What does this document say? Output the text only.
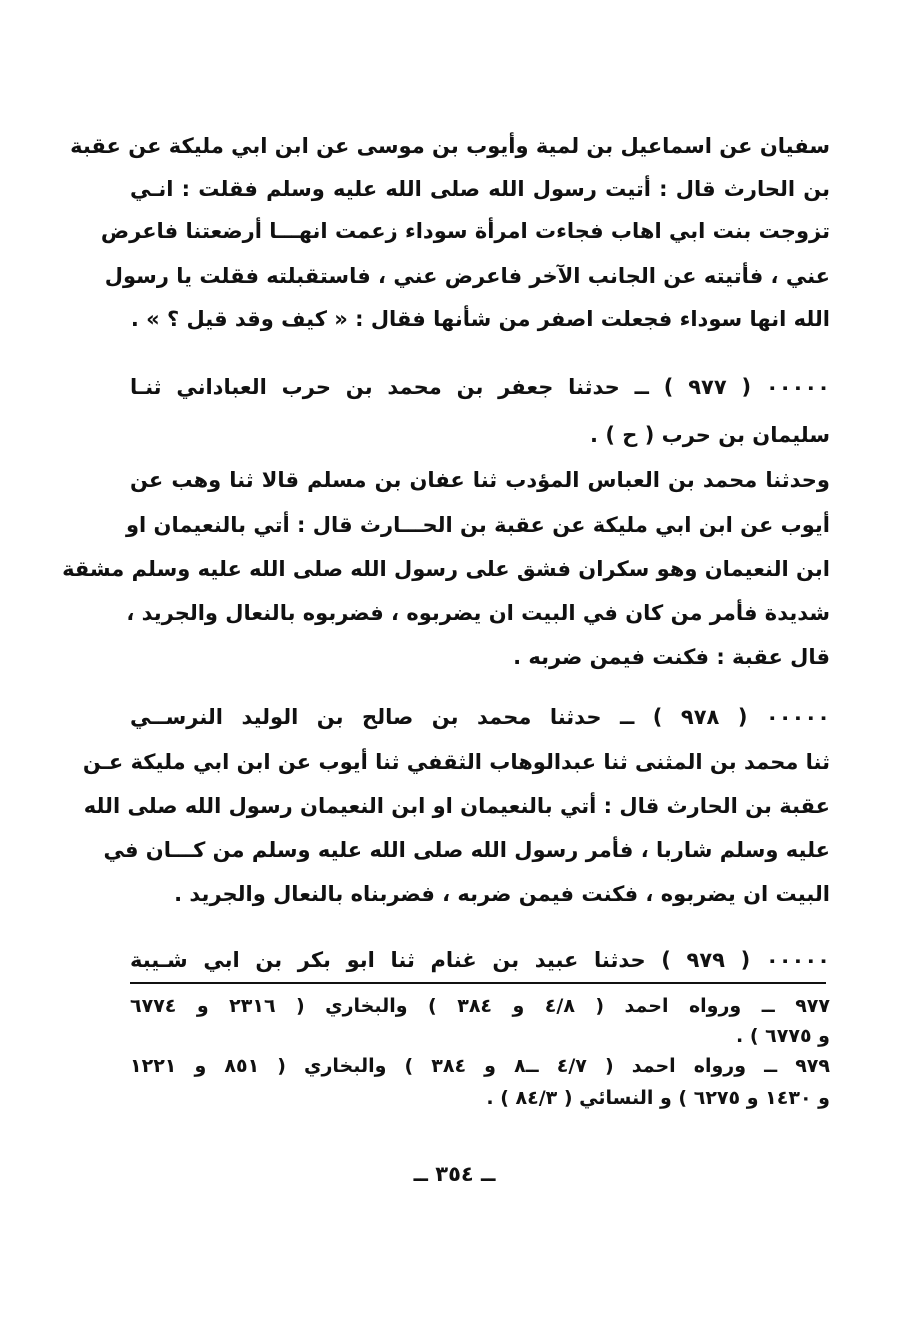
سفيان عن اسماعيل بن لمية وأيوب بن موسى عن ابن ابي مليكة عن عقبة
بن الحارث قال : أتيت رسول الله صلى الله عليه وسلم فقلت : انـي
تزوجت بنت ابي اهاب فجاءت امرأة سوداء زعمت انهـــا أرضعتنا فاعرض
عني ، فأتيته عن الجانب الآخر فاعرض عني ، فاستقبلته فقلت يا رسول
الله انها سوداء فجعلت اصفر من شأنها فقال : « كيف وقد قيل ؟ » .
٠٠٠٠٠ ( ٩٧٧ ) ــ حدثنا جعفر بن محمد بن حرب العباداني ثنـا
سليمان بن حرب ( ح ) .
وحدثنا محمد بن العباس المؤدب ثنا عفان بن مسلم قالا ثنا وهب عن
أيوب عن ابن ابي مليكة عن عقبة بن الحـــارث قال : أتي بالنعيمان او
ابن النعيمان وهو سكران فشق على رسول الله صلى الله عليه وسلم مشقة
شديدة فأمر من كان في البيت ان يضربوه ، فضربوه بالنعال والجريد ،
قال عقبة : فكنت فيمن ضربه .
٠٠٠٠٠ ( ٩٧٨ ) ــ حدثنا محمد بن صالح بن الوليد النرســي
ثنا محمد بن المثنى ثنا عبدالوهاب الثقفي ثنا أيوب عن ابن ابي مليكة عـن
عقبة بن الحارث قال : أتي بالنعيمان او ابن النعيمان رسول الله صلى الله
عليه وسلم شاربا ، فأمر رسول الله صلى الله عليه وسلم من كـــان في
البيت ان يضربوه ، فكنت فيمن ضربه ، فضربناه بالنعال والجريد .
٠٠٠٠٠ ( ٩٧٩ ) حدثنا عبيد بن غنام ثنا ابو بكر بن ابي شـيبة
٩٧٧ ــ ورواه احمد ( ٤/٨ و ٣٨٤ ) والبخاري ( ٢٣١٦ و ٦٧٧٤
و ٦٧٧٥ ) .
٩٧٩ ــ ورواه احمد ( ٤/٧ ــ٨ و ٣٨٤ ) والبخاري ( ٨٥١ و ١٢٢١
و ١٤٣٠ و ٦٢٧٥ ) و النسائي ( ٨٤/٣ ) .
ــ ٣٥٤ ــ
